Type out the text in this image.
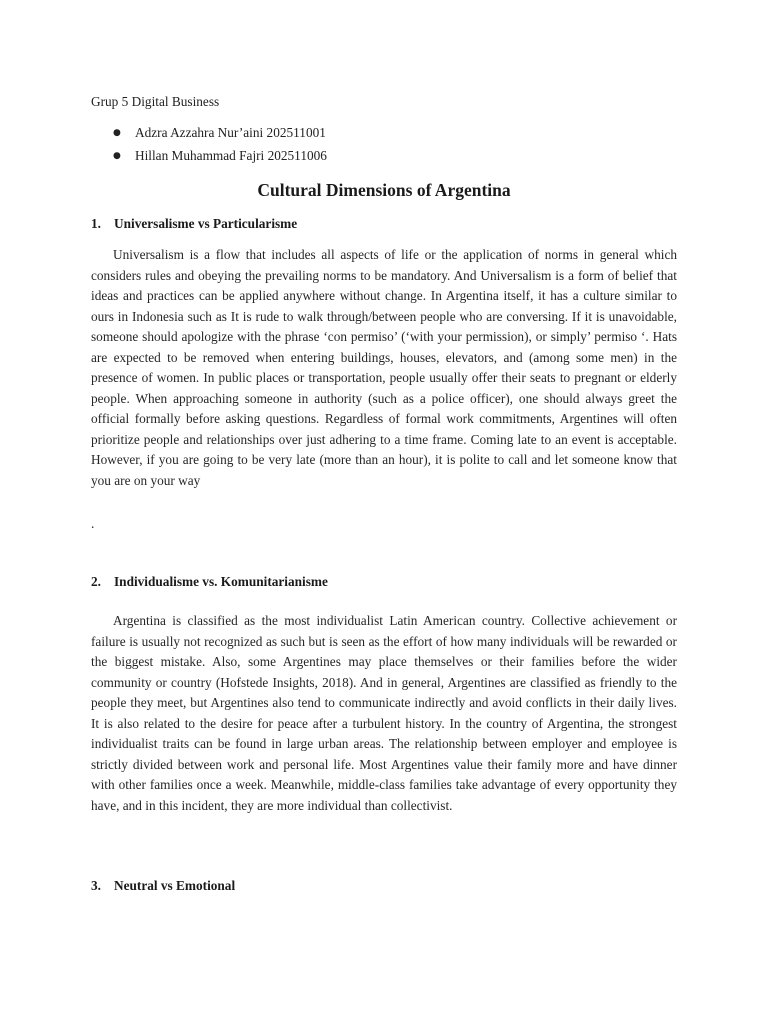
Grup 5 Digital Business
● Adzra Azzahra Nur’aini 202511001
● Hillan Muhammad Fajri 202511006
Cultural Dimensions of Argentina
1. Universalisme vs Particularisme

Universalism is a flow that includes all aspects of life or the application of norms in general which considers rules and obeying the prevailing norms to be mandatory. And Universalism is a form of belief that ideas and practices can be applied anywhere without change. In Argentina itself, it has a culture similar to ours in Indonesia such as It is rude to walk through/between people who are conversing. If it is unavoidable, someone should apologize with the phrase ‘con permiso’ (‘with your permission), or simply’ permiso ‘. Hats are expected to be removed when entering buildings, houses, elevators, and (among some men) in the presence of women. In public places or transportation, people usually offer their seats to pregnant or elderly people. When approaching someone in authority (such as a police officer), one should always greet the official formally before asking questions. Regardless of formal work commitments, Argentines will often prioritize people and relationships over just adhering to a time frame. Coming late to an event is acceptable. However, if you are going to be very late (more than an hour), it is polite to call and let someone know that you are on your way

.
2. Individualisme vs. Komunitarianisme

Argentina is classified as the most individualist Latin American country. Collective achievement or failure is usually not recognized as such but is seen as the effort of how many individuals will be rewarded or the biggest mistake. Also, some Argentines may place themselves or their families before the wider community or country (Hofstede Insights, 2018). And in general, Argentines are classified as friendly to the people they meet, but Argentines also tend to communicate indirectly and avoid conflicts in their daily lives. It is also related to the desire for peace after a turbulent history. In the country of Argentina, the strongest individualist traits can be found in large urban areas. The relationship between employer and employee is strictly divided between work and personal life. Most Argentines value their family more and have dinner with other families once a week. Meanwhile, middle-class families take advantage of every opportunity they have, and in this incident, they are more individual than collectivist.

3. Neutral vs Emotional
